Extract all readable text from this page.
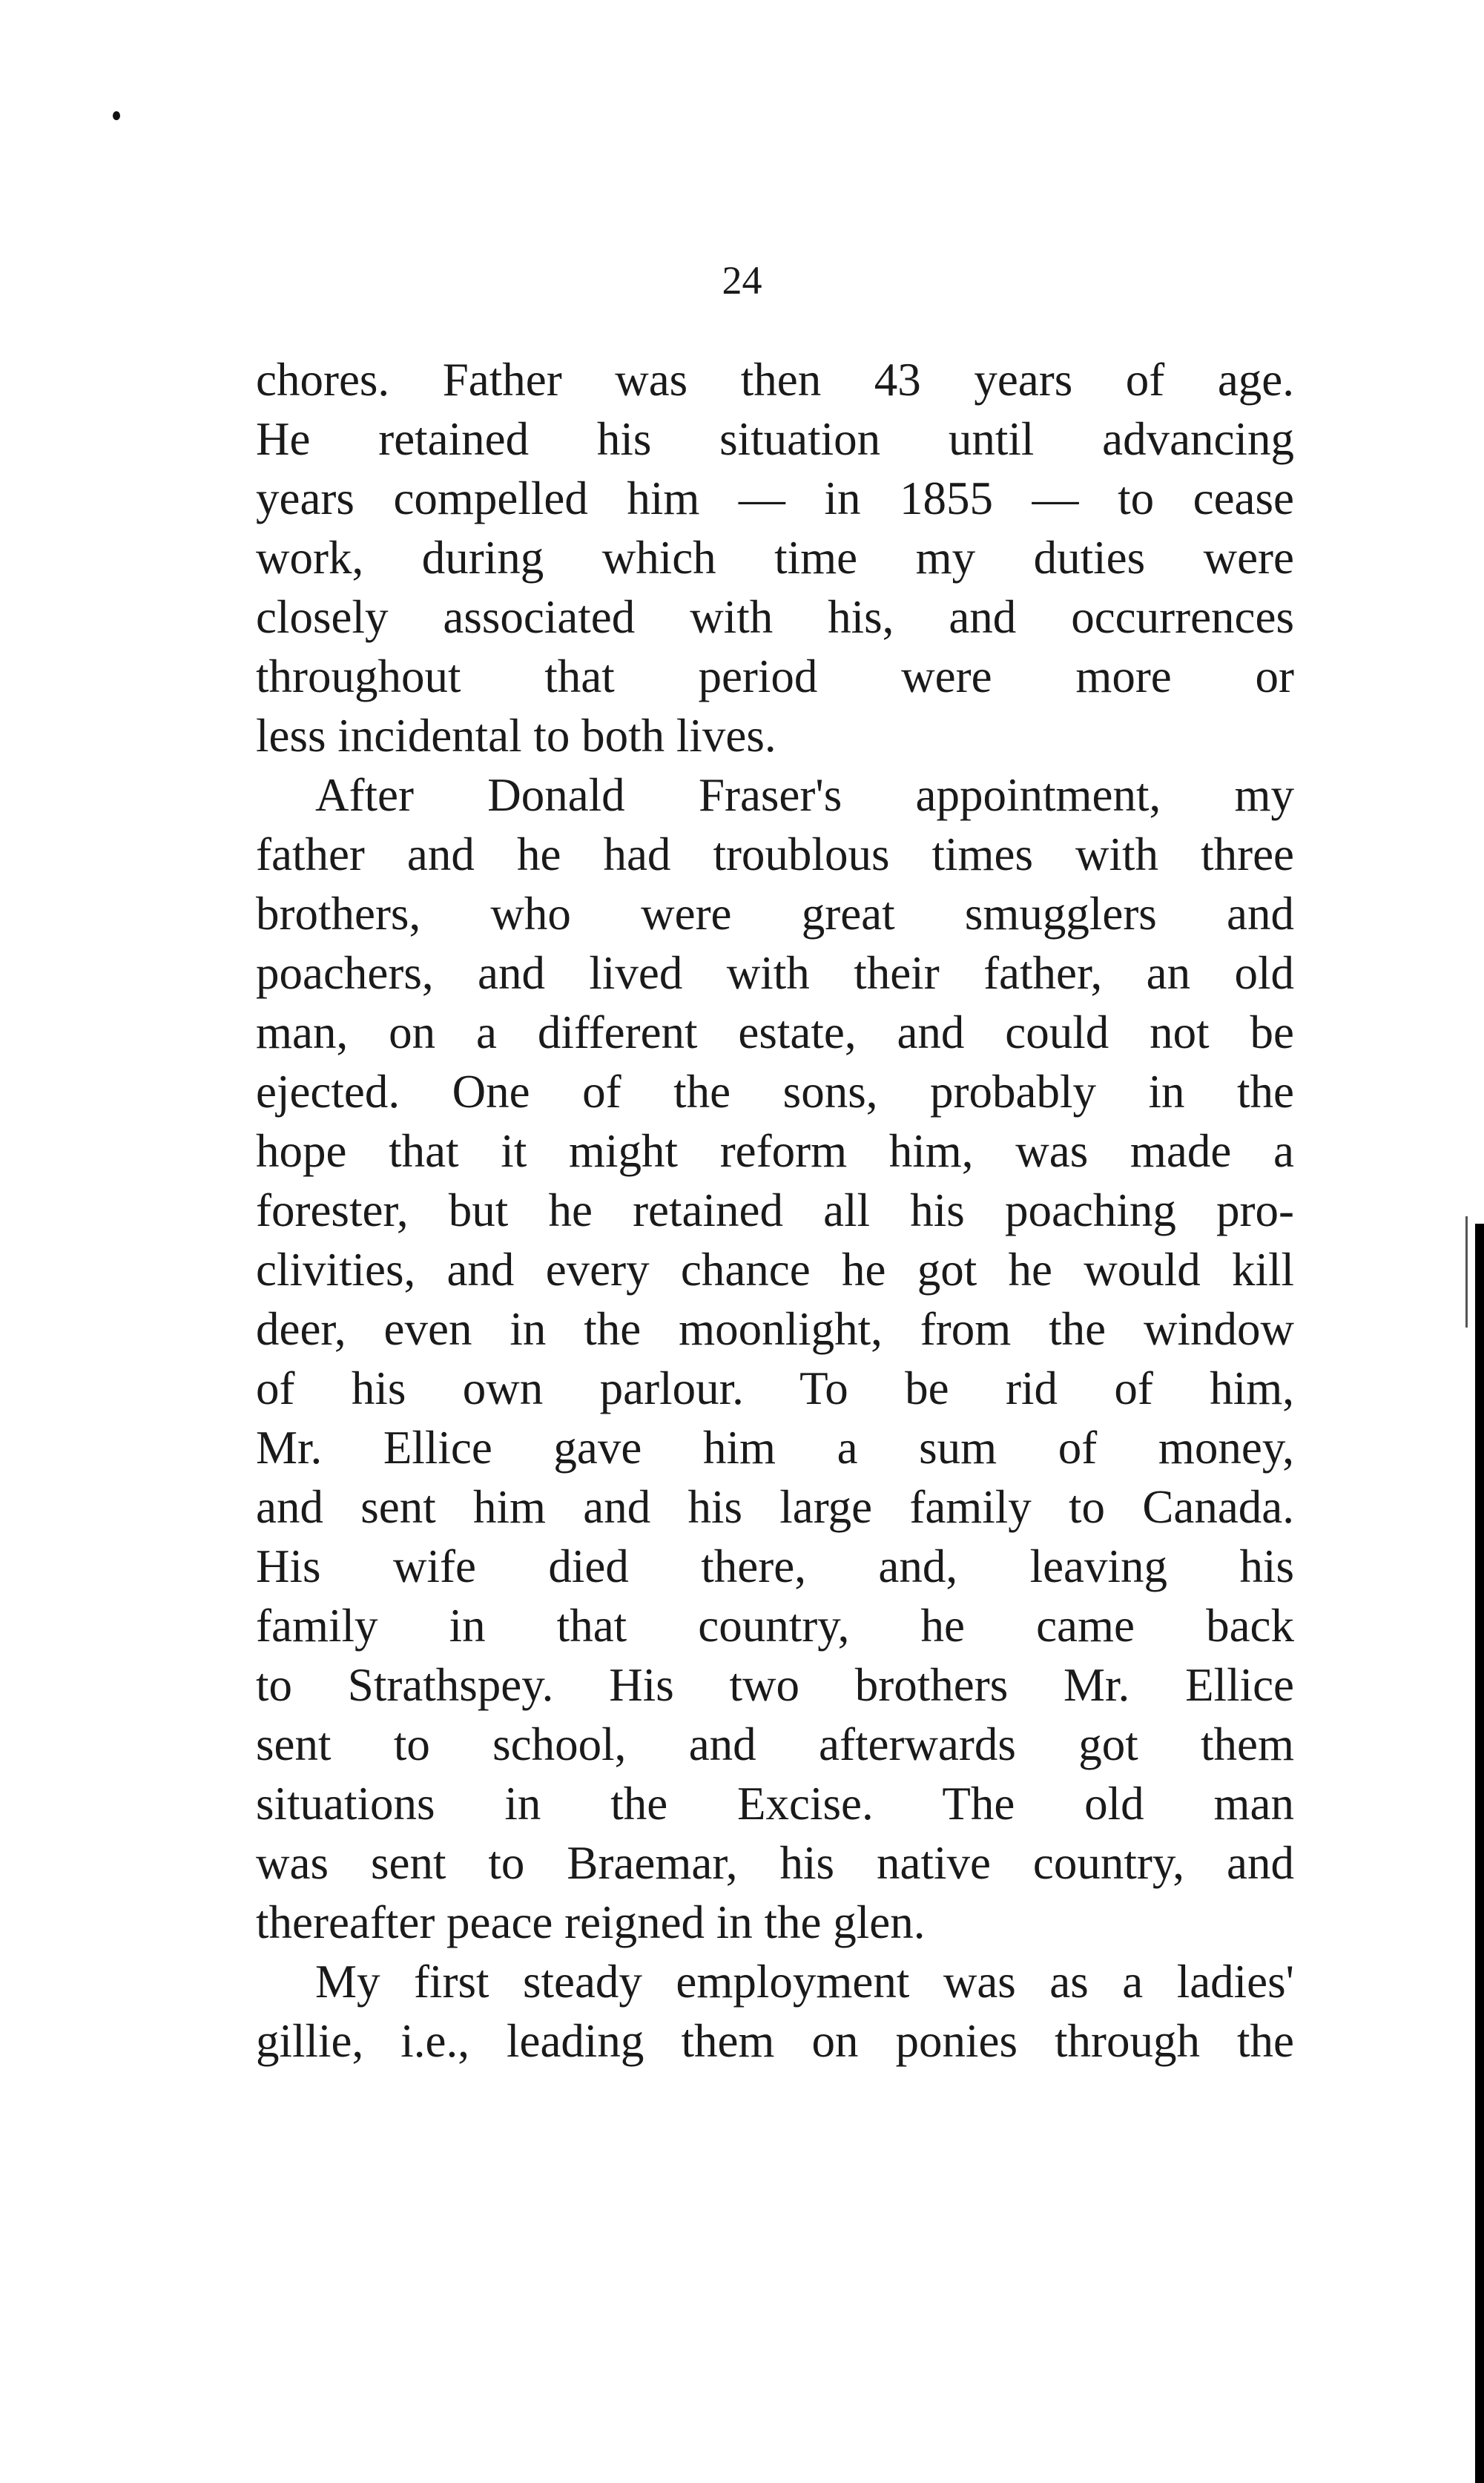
24
chores. Father was then 43 years of age.
He retained his situation until advancing
years compelled him — in 1855 — to cease
work, during which time my duties were
closely associated with his, and occurrences
throughout that period were more or
less incidental to both lives.
After Donald Fraser's appointment, my
father and he had troublous times with three
brothers, who were great smugglers and
poachers, and lived with their father, an old
man, on a different estate, and could not be
ejected. One of the sons, probably in the
hope that it might reform him, was made a
forester, but he retained all his poaching pro-
clivities, and every chance he got he would kill
deer, even in the moonlight, from the window
of his own parlour. To be rid of him,
Mr. Ellice gave him a sum of money,
and sent him and his large family to Canada.
His wife died there, and, leaving his
family in that country, he came back
to Strathspey. His two brothers Mr. Ellice
sent to school, and afterwards got them
situations in the Excise. The old man
was sent to Braemar, his native country, and
thereafter peace reigned in the glen.
My first steady employment was as a ladies'
gillie, i.e., leading them on ponies through the
